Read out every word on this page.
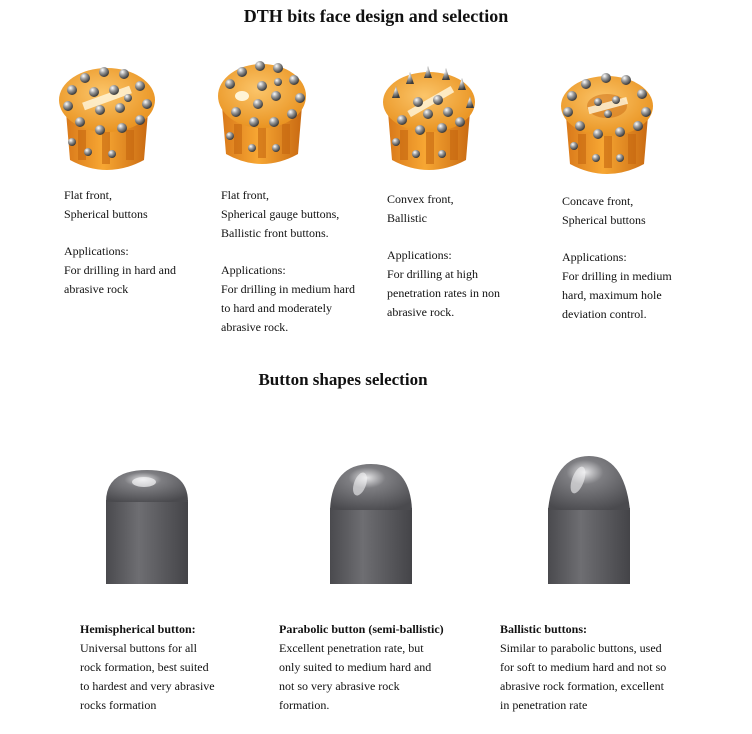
DTH bits face design and selection

Flat front,

Spherical buttons

Applications:

For drilling in hard and

abrasive rock

Flat front,

Spherical gauge buttons,

Ballistic front buttons.

Applications:

For drilling in medium hard

to hard and moderately

abrasive rock.

Convex front,

Ballistic

Applications:

For drilling at high

penetration rates in non

abrasive rock.

Concave front,

Spherical buttons

Applications:

For drilling in medium

hard, maximum hole

deviation control.

Button shapes selection

Hemispherical button:

Universal buttons for all

rock formation, best suited

to hardest and very abrasive

rocks formation

Parabolic button (semi-ballistic)

Excellent penetration rate, but

only suited to medium hard and

not so very abrasive rock

formation.

Ballistic buttons:

Similar to parabolic buttons, used

for soft to medium hard and not so

abrasive rock formation, excellent

in penetration rate
